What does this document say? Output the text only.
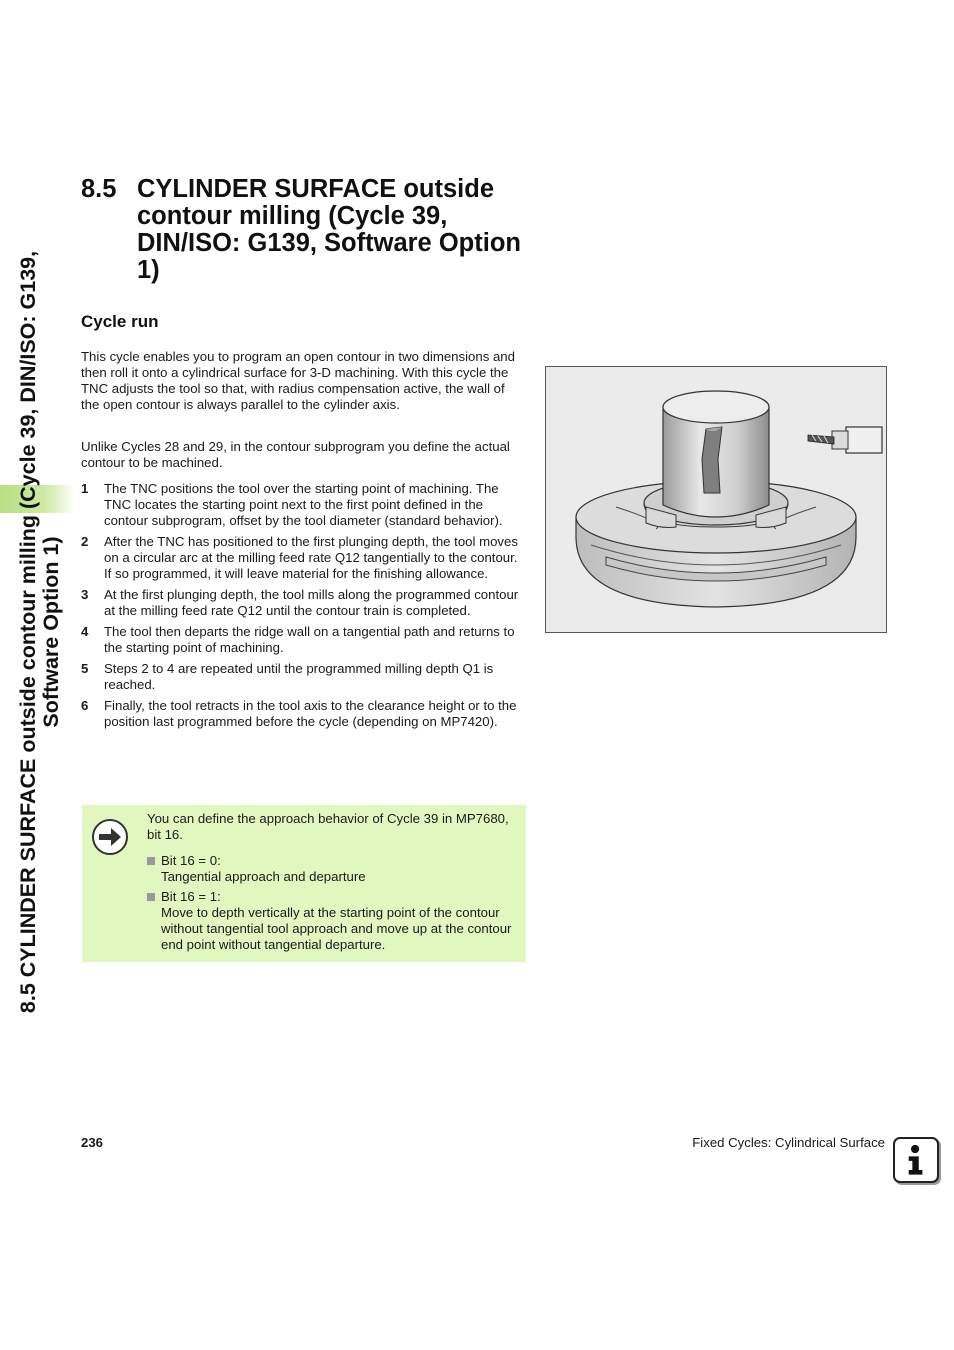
8.5 CYLINDER SURFACE outside contour milling (Cycle 39, DIN/ISO: G139, Software Option 1)
8.5 CYLINDER SURFACE outside contour milling (Cycle 39, DIN/ISO: G139, Software Option 1)
Cycle run
This cycle enables you to program an open contour in two dimensions and then roll it onto a cylindrical surface for 3-D machining. With this cycle the TNC adjusts the tool so that, with radius compensation active, the wall of the open contour is always parallel to the cylinder axis.
Unlike Cycles 28 and 29, in the contour subprogram you define the actual contour to be machined.
1	The TNC positions the tool over the starting point of machining. The TNC locates the starting point next to the first point defined in the contour subprogram, offset by the tool diameter (standard behavior).
2	After the TNC has positioned to the first plunging depth, the tool moves on a circular arc at the milling feed rate Q12 tangentially to the contour. If so programmed, it will leave material for the finishing allowance.
3	At the first plunging depth, the tool mills along the programmed contour at the milling feed rate Q12 until the contour train is completed.
4	The tool then departs the ridge wall on a tangential path and returns to the starting point of machining.
5	Steps 2 to 4 are repeated until the programmed milling depth Q1 is reached.
6	Finally, the tool retracts in the tool axis to the clearance height or to the position last programmed before the cycle (depending on MP7420).

You can define the approach behavior of Cycle 39 in MP7680, bit 16.

Bit 16 = 0:
Tangential approach and departure
Bit 16 = 1:
Move to depth vertically at the starting point of the contour without tangential tool approach and move up at the contour end point without tangential departure.
236	Fixed Cycles: Cylindrical Surface
